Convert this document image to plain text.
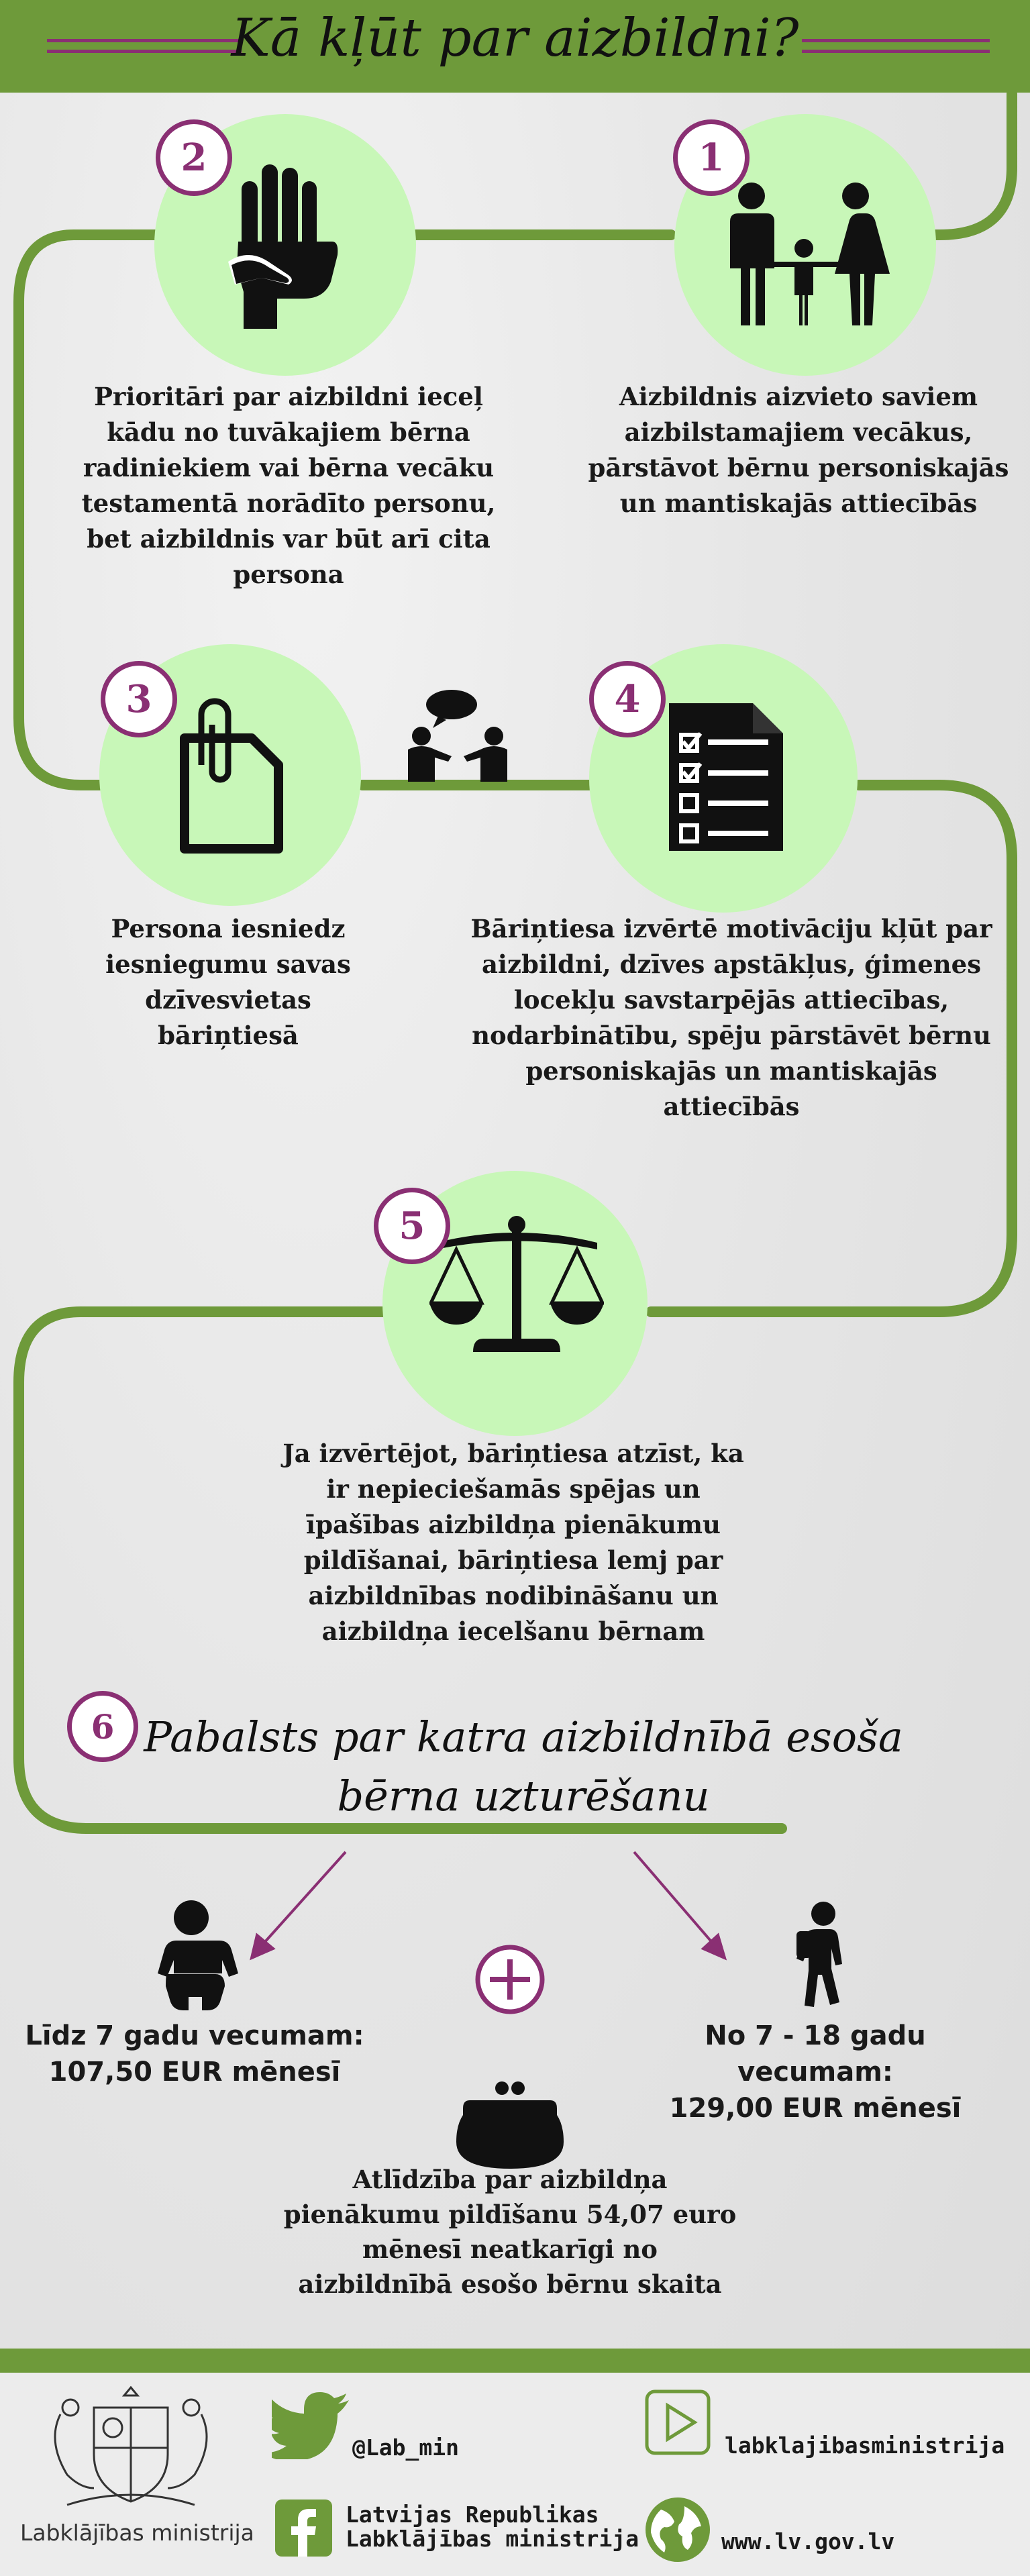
Kā kļūt par aizbildni?
1
Aizbildnis aizvieto saviem aizbilstamajiem vecākus, pārstāvot bērnu personiskajās un mantiskajās attiecībās
2
Prioritāri par aizbildni ieceļ kādu no tuvākajiem bērna radiniekiem vai bērna vecāku testamentā norādīto personu, bet aizbildnis var būt arī cita persona
3
Persona iesniedz iesniegumu savas dzīvesvietas bāriņtiesā
4
Bāriņtiesa izvērtē motivāciju kļūt par aizbildni, dzīves apstākļus, ģimenes locekļu savstarpējās attiecības, nodarbinātību, spēju pārstāvēt bērnu personiskajās un mantiskajās attiecībās
5
Ja izvērtējot, bāriņtiesa atzīst, ka ir nepieciešamās spējas un īpašības aizbildņa pienākumu pildīšanai, bāriņtiesa lemj par aizbildnības nodibināšanu un aizbildņa iecelšanu bērnam
6 Pabalsts par katra aizbildnībā esoša bērna uzturēšanu
Līdz 7 gadu vecumam:
107,50 EUR mēnesī
No 7 - 18 gadu vecumam:
129,00 EUR mēnesī
Atlīdzība par aizbildņa pienākumu pildīšanu 54,07 euro mēnesī neatkarīgi no aizbildnībā esošo bērnu skaita
Labklājības ministrija
@Lab_min	labklajibasministrija
Latvijas Republikas
Labklājības ministrija	www.lv.gov.lv
